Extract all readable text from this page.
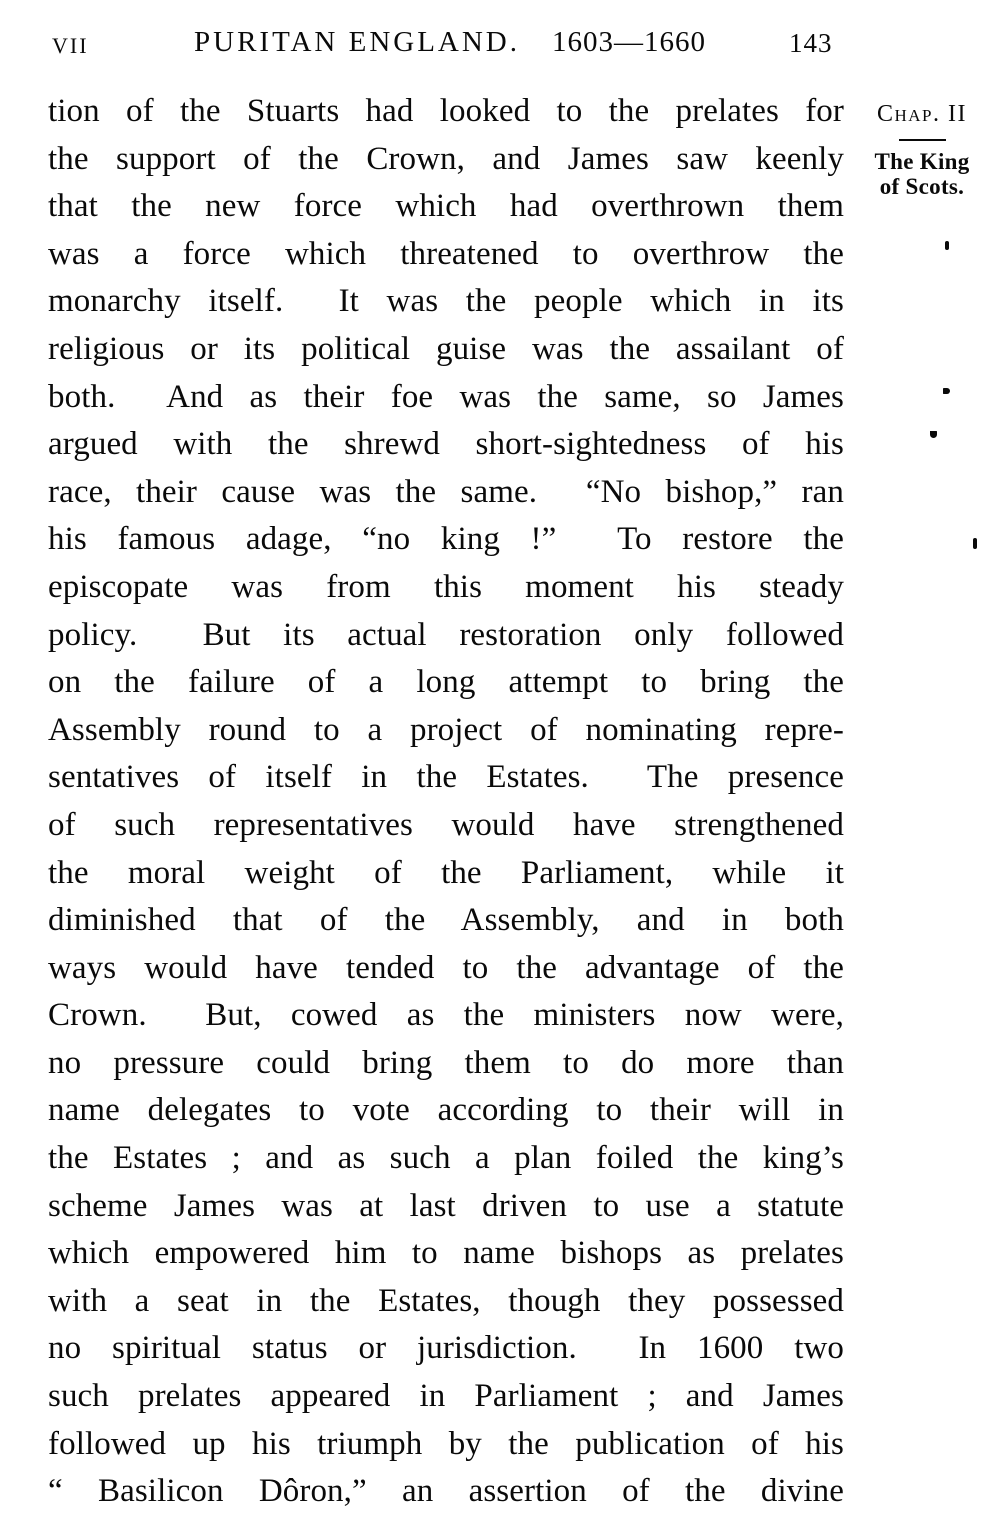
VII	PURITAN ENGLAND. 1603—1660	143
tion of the Stuarts had looked to the prelates for
the support of the Crown, and James saw keenly
that the new force which had overthrown them
was a force which threatened to overthrow the
monarchy itself.  It was the people which in its
religious or its political guise was the assailant of
both.  And as their foe was the same, so James
argued with the shrewd short-sightedness of his
race, their cause was the same.  “No bishop,” ran
his famous adage, “no king !”  To restore the
episcopate was from this moment his steady
policy.  But its actual restoration only followed
on the failure of a long attempt to bring the
Assembly round to a project of nominating repre-
sentatives of itself in the Estates.  The presence
of such representatives would have strengthened
the moral weight of the Parliament, while it
diminished that of the Assembly, and in both
ways would have tended to the advantage of the
Crown.  But, cowed as the ministers now were,
no pressure could bring them to do more than
name delegates to vote according to their will in
the Estates ; and as such a plan foiled the king’s
scheme James was at last driven to use a statute
which empowered him to name bishops as prelates
with a seat in the Estates, though they possessed
no spiritual status or jurisdiction.  In 1600 two
such prelates appeared in Parliament ; and James
followed up his triumph by the publication of his
“ Basilicon Dôron,” an assertion of the divine
Chap. II
The King
of Scots.
